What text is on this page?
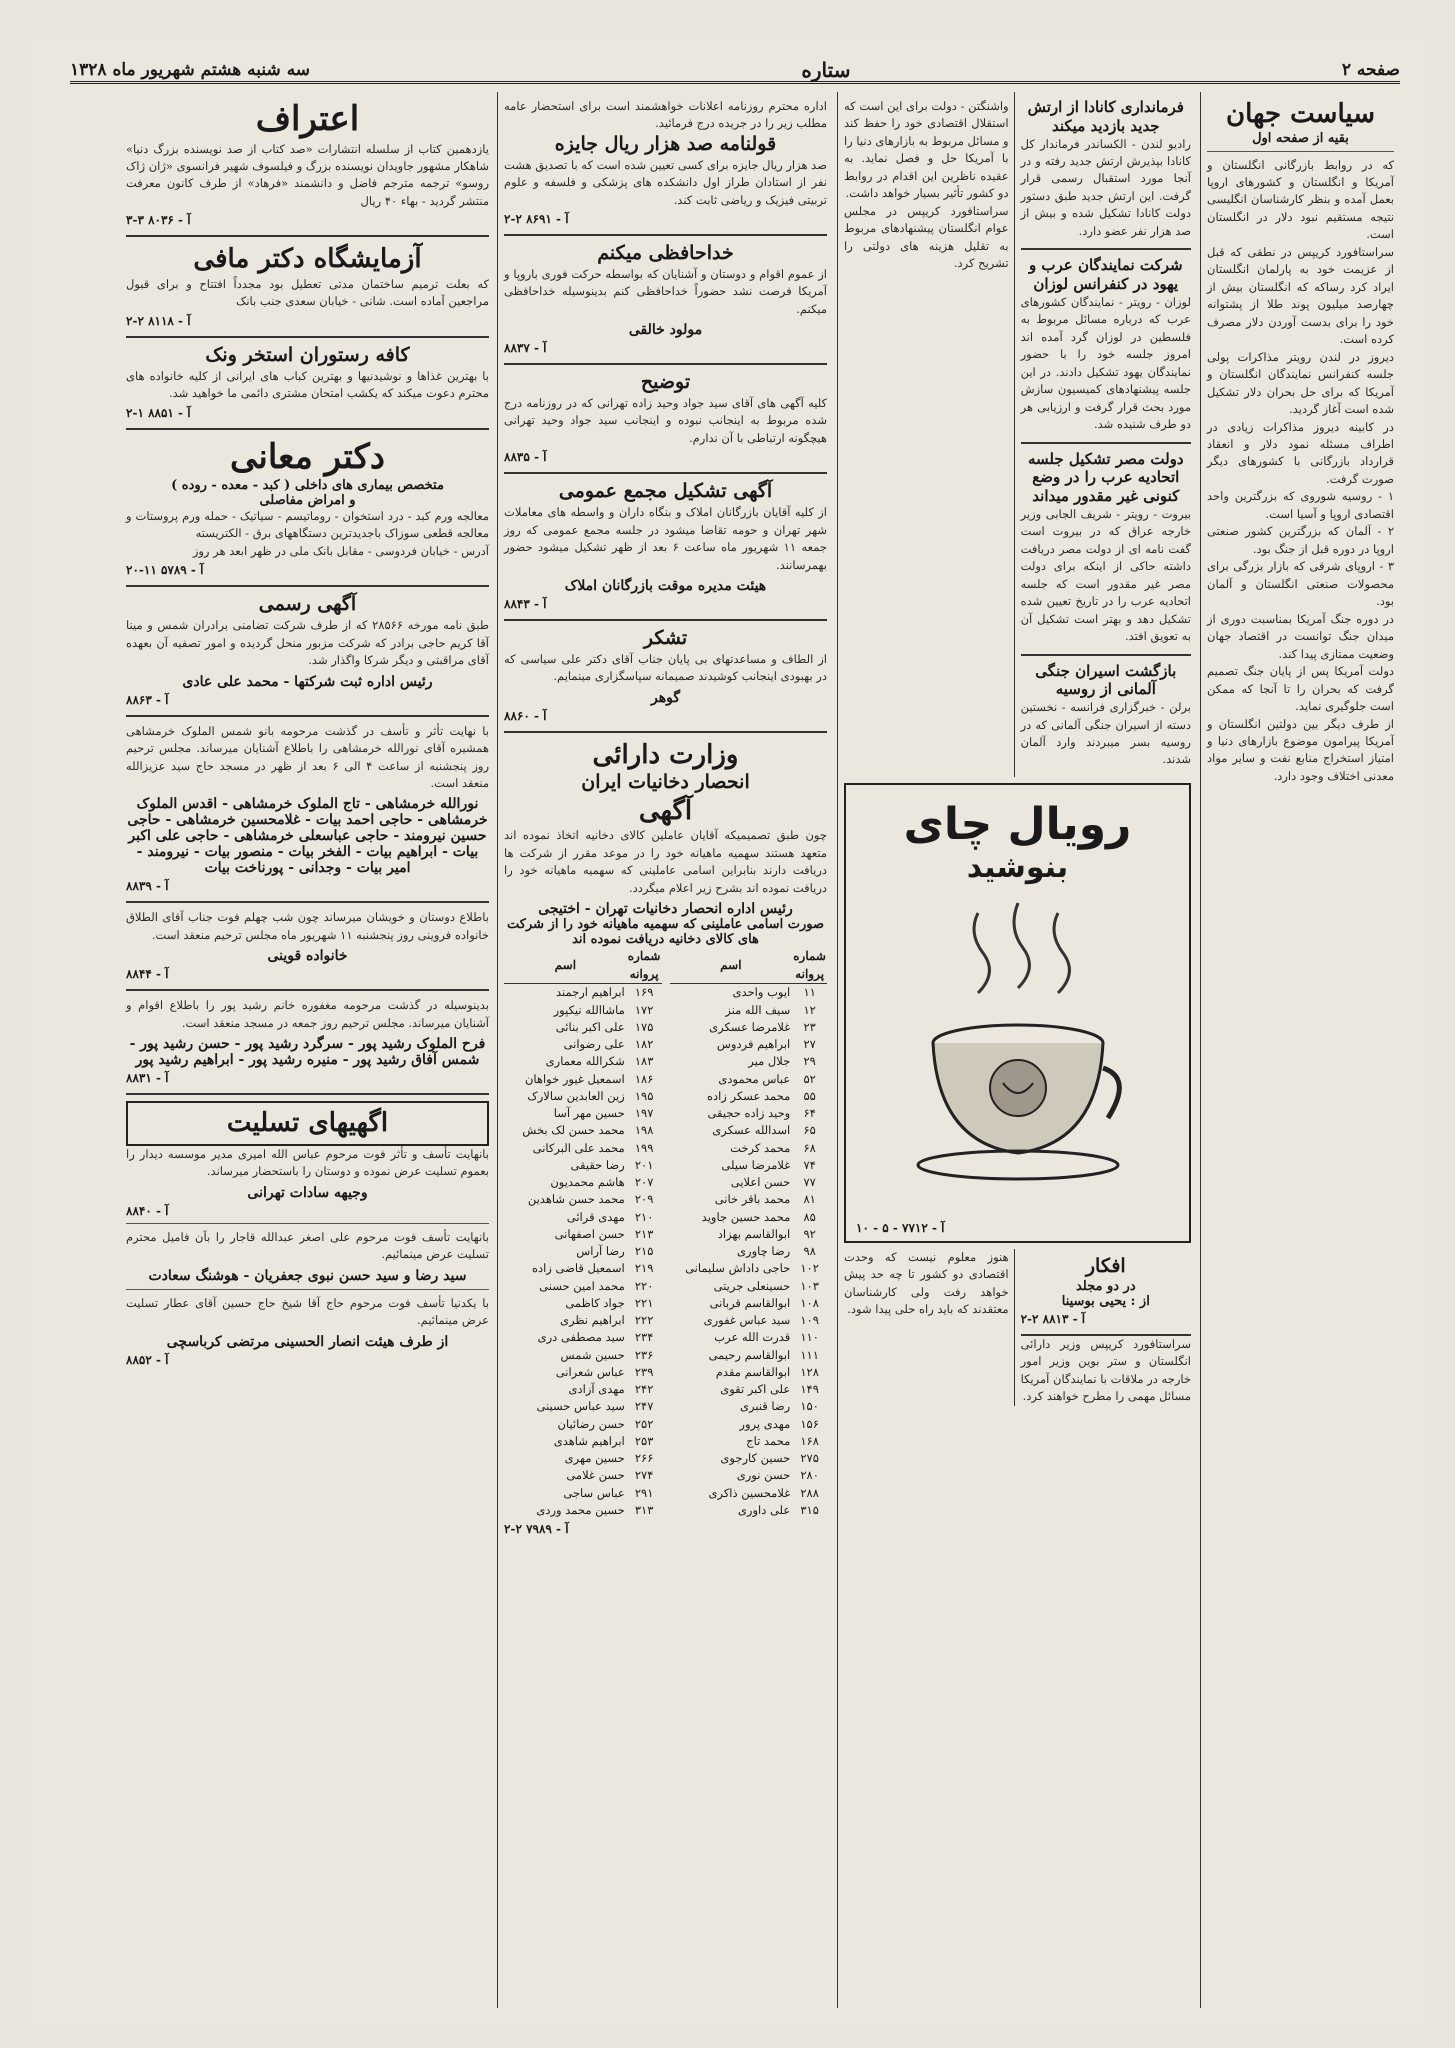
صفحه ۲
ستاره
سه شنبه هشتم شهریور ماه ۱۳۲۸
سیاست جهان
بقیه از صفحه اول

که در روابط بازرگانی انگلستان و آمریکا و انگلستان و کشورهای اروپا بعمل آمده و بنظر کارشناسان انگلیسی نتیجه مستقیم نبود دلار در انگلستان است.

سراستافورد کریپس در نطقی که قبل از عزیمت خود به پارلمان انگلستان ایراد کرد رساکه که انگلستان بیش از چهارصد میلیون پوند طلا از پشتوانه خود را برای بدست آوردن دلار مصرف کرده است.

دیروز در لندن رویتر مذاکرات پولی جلسه کنفرانس نمایندگان انگلستان و آمریکا که برای حل بحران دلار تشکیل شده است آغاز گردید.

در کابینه دیروز مذاکرات زیادی در اطراف مسئله نمود دلار و انعقاد قرارداد بازرگانی با کشورهای دیگر صورت گرفت.

۱ - روسیه شوروی که بزرگترین واحد اقتصادی اروپا و آسیا است.

۲ - آلمان که بزرگترین کشور صنعتی اروپا در دوره قبل از جنگ بود.

۳ - اروپای شرقی که بازار بزرگی برای محصولات صنعتی انگلستان و آلمان بود.

در دوره جنگ آمریکا بمناسبت دوری از میدان جنگ توانست در اقتصاد جهان وضعیت ممتازی پیدا کند.

دولت آمریکا پس از پایان جنگ تصمیم گرفت که بحران را تا آنجا که ممکن است جلوگیری نماید.

از طرف دیگر بین دولتین انگلستان و آمریکا پیرامون موضوع بازارهای دنیا و امتیاز استخراج منابع نفت و سایر مواد معدنی اختلاف وجود دارد.

فرمانداری کانادا از ارتش جدید بازدید میکند
رادیو لندن - الکساندر فرماندار کل کانادا بپذیرش ارتش جدید رفته و در آنجا مورد استقبال رسمی قرار گرفت. این ارتش جدید طبق دستور دولت کانادا تشکیل شده و بیش از صد هزار نفر عضو دارد.
شرکت نمایندگان عرب و یهود در کنفرانس لوزان
لوزان - رویتر - نمایندگان کشورهای عرب که درباره مسائل مربوط به فلسطین در لوزان گرد آمده اند امروز جلسه خود را با حضور نمایندگان یهود تشکیل دادند. در این جلسه پیشنهادهای کمیسیون سازش مورد بحث قرار گرفت و ارزیابی هر دو طرف شنیده شد.
دولت مصر تشکیل جلسه اتحادیه عرب را در وضع کنونی غیر مقدور میداند
بیروت - رویتر - شریف الجابی وزیر خارجه عراق که در بیروت است گفت نامه ای از دولت مصر دریافت داشته حاکی از اینکه برای دولت مصر غیر مقدور است که جلسه اتحادیه عرب را در تاریخ تعیین شده تشکیل دهد و بهتر است تشکیل آن به تعویق افتد.
بازگشت اسیران جنگی آلمانی از روسیه
برلن - خبرگزاری فرانسه - نخستین دسته از اسیران جنگی آلمانی که در روسیه بسر میبردند وارد آلمان شدند.
واشنگتن - دولت برای این است که استقلال اقتصادی خود را حفظ کند و مسائل مربوط به بازارهای دنیا را با آمریکا حل و فصل نماید. به عقیده ناظرین این اقدام در روابط دو کشور تأثیر بسیار خواهد داشت.
سراستافورد کریپس در مجلس عوام انگلستان پیشنهادهای مربوط به تقلیل هزینه های دولتی را تشریح کرد.
رویال چای
بنوشید
آ - ۷۷۱۲ - ۵ - ۱۰
افکار
در دو مجلد
از : یحیی بوسینا
آ - ۸۸۱۳ ۲-۲
سراستافورد کریپس وزیر دارائی انگلستان و ستر بوین وزیر امور خارجه در ملاقات با نمایندگان آمریکا مسائل مهمی را مطرح خواهند کرد.
هنوز معلوم نیست که وحدت اقتصادی دو کشور تا چه حد پیش خواهد رفت ولی کارشناسان معتقدند که باید راه حلی پیدا شود.
اداره محترم روزنامه اعلانات خواهشمند است برای استحضار عامه مطلب زیر را در جریده درج فرمائید.
قولنامه صد هزار ریال جایزه
صد هزار ریال جایزه برای کسی تعیین شده است که با تصدیق هشت نفر از استادان طراز اول دانشکده های پزشکی و فلسفه و علوم تربیتی فیزیک و ریاضی ثابت کند.
آ - ۸۶۹۱ ۲-۲
خداحافظی میکنم
از عموم اقوام و دوستان و آشنایان که بواسطه حرکت فوری باروپا و آمریکا فرصت نشد حضوراً خداحافظی کنم بدینوسیله خداحافظی میکنم.
مولود خالقی
آ - ۸۸۳۷
توضیح
کلیه آگهی های آقای سید جواد وحید زاده تهرانی که در روزنامه درج شده مربوط به اینجانب نبوده و اینجانب سید جواد وحید تهرانی هیچگونه ارتباطی با آن ندارم.
آ - ۸۸۳۵
آگهی تشکیل مجمع عمومی
از کلیه آقایان بازرگانان املاک و بنگاه داران و واسطه های معاملات شهر تهران و حومه تقاضا میشود در جلسه مجمع عمومی که روز جمعه ۱۱ شهریور ماه ساعت ۶ بعد از ظهر تشکیل میشود حضور بهمرسانند.
هیئت مدیره موقت بازرگانان املاک
آ - ۸۸۴۳
تشکر
از الطاف و مساعدتهای بی پایان جناب آقای دکتر علی سیاسی که در بهبودی اینجانب کوشیدند صمیمانه سپاسگزاری مینمایم.
گوهر
آ - ۸۸۶۰
وزارت دارائی
انحصار دخانیات ایران
آگهی
چون طبق تصمیمیکه آقایان عاملین کالای دخانیه اتخاذ نموده اند متعهد هستند سهمیه ماهیانه خود را در موعد مقرر از شرکت ها دریافت دارند بنابراین اسامی عاملینی که سهمیه ماهیانه خود را دریافت نموده اند بشرح زیر اعلام میگردد.
رئیس اداره انحصار دخانیات تهران - اختیجی
صورت اسامی عاملینی که سهمیه ماهیانه خود را از شرکت های کالای دخانیه دریافت نموده اند
شماره پروانه	اسم
۱۱	ایوب واحدی
۱۲	سیف الله منز
۲۳	غلامرضا عسکری
۲۷	ابراهیم فردوس
۲۹	جلال میر
۵۲	عباس محمودی
۵۵	محمد عسکر زاده
۶۴	وحید زاده حجیقی
۶۵	اسدالله عسکری
۶۸	محمد کرخت
۷۴	غلامرضا سیلی
۷۷	حسن اعلایی
۸۱	محمد باقر خانی
۸۵	محمد حسین جاوید
۹۲	ابوالقاسم بهزاد
۹۸	رضا چاوری
۱۰۲	حاجی داداش سلیمانی
۱۰۳	حسینعلی جریتی
۱۰۸	ابوالقاسم قربانی
۱۰۹	سید عباس غفوری
۱۱۰	قدرت الله عرب
۱۱۱	ابوالقاسم رحیمی
۱۲۸	ابوالقاسم مقدم
۱۴۹	علی اکبر تقوی
۱۵۰	رضا قنبری
۱۵۶	مهدی پرور
۱۶۸	محمد تاج
۲۷۵	حسین کارجوی
۲۸۰	حسن نوری
۲۸۸	غلامحسین ذاکری
۳۱۵	علی داوری
شماره پروانه	اسم
۱۶۹	ابراهیم ارجمند
۱۷۲	ماشاالله نیکپور
۱۷۵	علی اکبر بنائی
۱۸۲	علی رضوانی
۱۸۳	شکرالله معماری
۱۸۶	اسمعیل غیور خواهان
۱۹۵	زین العابدین سالارک
۱۹۷	حسین مهر آسا
۱۹۸	محمد حسن لک بخش
۱۹۹	محمد علی البرکانی
۲۰۱	رضا حقیقی
۲۰۷	هاشم محمدیون
۲۰۹	محمد حسن شاهدین
۲۱۰	مهدی قرائی
۲۱۳	حسن اصفهانی
۲۱۵	رضا آراس
۲۱۹	اسمعیل قاضی زاده
۲۲۰	محمد امین حسنی
۲۲۱	جواد کاظمی
۲۲۲	ابراهیم نظری
۲۳۴	سید مصطفی دری
۲۳۶	حسین شمس
۲۳۹	عباس شعرانی
۲۴۲	مهدی آزادی
۲۴۷	سید عباس حسینی
۲۵۲	حسن رضائیان
۲۵۳	ابراهیم شاهدی
۲۶۶	حسین مهری
۲۷۴	حسن غلامی
۲۹۱	عباس ساجی
۳۱۳	حسین محمد وردی
آ - ۷۹۸۹ ۲-۲
اعتراف
یازدهمین کتاب از سلسله انتشارات «صد کتاب از صد نویسنده بزرگ دنیا» شاهکار مشهور جاویدان نویسنده بزرگ و فیلسوف شهیر فرانسوی «ژان ژاک روسو» ترجمه مترجم فاضل و دانشمند «فرهاد» از طرف کانون معرفت منتشر گردید - بهاء ۴۰ ریال
آ - ۸۰۳۶ ۳-۳
آزمایشگاه دکتر مافی
که بعلت ترمیم ساختمان مدتی تعطیل بود مجدداً افتتاح و برای قبول مراجعین آماده است. شانی - خیابان سعدی جنب بانک
آ - ۸۱۱۸ ۲-۲
کافه رستوران استخر ونک
با بهترین غذاها و نوشیدنیها و بهترین کباب های ایرانی از کلیه خانواده های محترم دعوت میکند که یکشب امتحان مشتری دائمی ما خواهید شد.
آ - ۸۸۵۱ ۱-۲
دکتر معانی
متخصص بیماری های داخلی ( کبد - معده - روده )
و امراض مفاصلی
معالجه ورم کبد - درد استخوان - روماتیسم - سیاتیک - حمله ورم پروستات و معالجه قطعی سوزاک باجدیدترین دستگاههای برق - الکتریسته
آدرس - خیابان فردوسی - مقابل بانک ملی در ظهر ابعد هر روز
آ - ۵۷۸۹ ۱۱-۲۰
آگهی رسمی
طبق نامه مورخه ۲۸۵۶۶ که از طرف شرکت تضامنی برادران شمس و مینا آقا کریم حاجی برادر که شرکت مزبور منحل گردیده و امور تصفیه آن بعهده آقای مراقبتی و دیگر شرکا واگذار شد.
رئیس اداره ثبت شرکتها - محمد علی عادی
آ - ۸۸۶۳
با نهایت تأثر و تأسف در گذشت مرحومه بانو شمس الملوک خرمشاهی همشیره آقای نورالله خرمشاهی را باطلاع آشنایان میرساند. مجلس ترحیم روز پنجشنبه از ساعت ۴ الی ۶ بعد از ظهر در مسجد حاج سید عزیزالله منعقد است.
نورالله خرمشاهی - تاج الملوک خرمشاهی - اقدس الملوک خرمشاهی - حاجی احمد بیات - غلامحسین خرمشاهی - حاجی حسین نیرومند - حاجی عباسعلی خرمشاهی - حاجی علی اکبر بیات - ابراهیم بیات - الفخر بیات - منصور بیات - نیرومند - امیر بیات - وجدانی - پورناخت بیات
آ - ۸۸۳۹
باطلاع دوستان و خویشان میرساند چون شب چهلم فوت جناب آقای الطلاق خانواده فروینی روز پنجشنبه ۱۱ شهریور ماه مجلس ترحیم منعقد است.
خانواده قوینی
آ - ۸۸۴۴
بدینوسیله در گذشت مرحومه مغفوره خانم رشید پور را باطلاع اقوام و آشنایان میرساند. مجلس ترحیم روز جمعه در مسجد منعقد است.
فرح الملوک رشید پور - سرگرد رشید پور - حسن رشید پور - شمس آفاق رشید پور - منیره رشید پور - ابراهیم رشید پور
آ - ۸۸۳۱
اگهیهای تسلیت
بانهایت تأسف و تأثر فوت مرحوم عباس الله امیری مدیر موسسه دیدار را بعموم تسلیت عرض نموده و دوستان را باستحضار میرساند.
وجیهه سادات تهرانی
آ - ۸۸۴۰
بانهایت تأسف فوت مرحوم علی اصغر عبدالله قاجار را بآن فامیل محترم تسلیت عرض مینمائیم.
سید رضا و سید حسن نبوی جعفریان - هوشنگ سعادت
با یکدنیا تأسف فوت مرحوم حاج آقا شیخ حاج حسین آقای عطار تسلیت عرض مینمائیم.
از طرف هیئت انصار الحسینی مرتضی کرباسچی
آ - ۸۸۵۲
